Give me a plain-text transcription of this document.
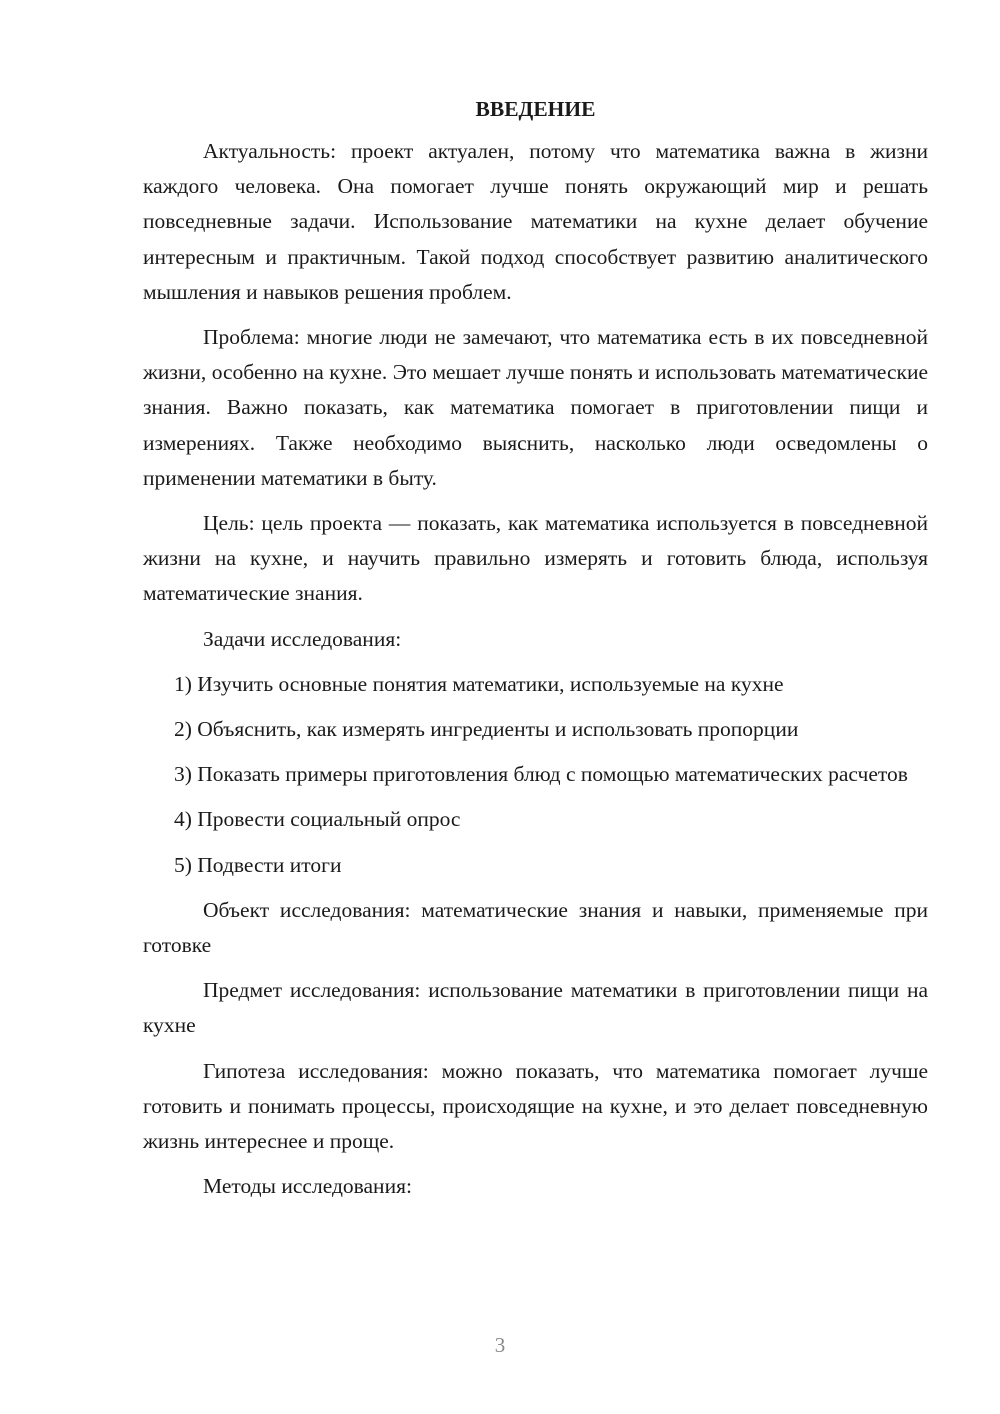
ВВЕДЕНИЕ

Актуальность: проект актуален, потому что математика важна в жизни каждого человека. Она помогает лучше понять окружающий мир и решать повседневные задачи. Использование математики на кухне делает обучение интересным и практичным. Такой подход способствует развитию аналитического мышления и навыков решения проблем.

Проблема: многие люди не замечают, что математика есть в их повседневной жизни, особенно на кухне. Это мешает лучше понять и использовать математические знания. Важно показать, как математика помогает в приготовлении пищи и измерениях. Также необходимо выяснить, насколько люди осведомлены о применении математики в быту.

Цель: цель проекта — показать, как математика используется в повседневной жизни на кухне, и научить правильно измерять и готовить блюда, используя математические знания.

Задачи исследования:

1) Изучить основные понятия математики, используемые на кухне

2) Объяснить, как измерять ингредиенты и использовать пропорции

3) Показать примеры приготовления блюд с помощью математических расчетов

4) Провести социальный опрос

5) Подвести итоги

Объект исследования: математические знания и навыки, применяемые при готовке

Предмет исследования: использование математики в приготовлении пищи на кухне

Гипотеза исследования: можно показать, что математика помогает лучше готовить и понимать процессы, происходящие на кухне, и это делает повседневную жизнь интереснее и проще.

Методы исследования:

3
